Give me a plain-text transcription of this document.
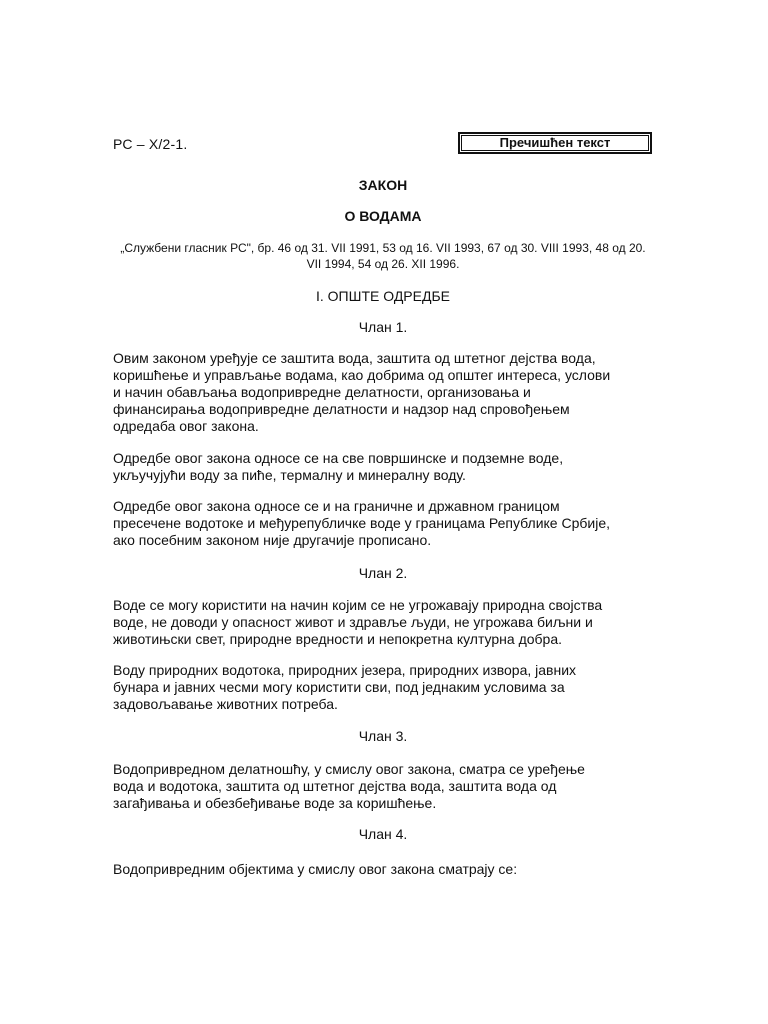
РС – X/2-1.	Пречишћен текст
ЗАКОН
О ВОДАМА
„Службени гласник РС", бр. 46 од 31. VII 1991, 53 од 16. VII 1993, 67 од 30. VIII 1993, 48 од 20. VII 1994, 54 од 26. XII 1996.
I. ОПШТЕ ОДРЕДБЕ
Члан 1.
Овим законом уређује се заштита вода, заштита од штетног дејства вода,
коришћење и управљање водама, као добрима од општег интереса, услови
и начин обављања водопривредне делатности, организовања и
финансирања водопривредне делатности и надзор над спровођењем
одредаба овог закона.
Одредбе овог закона односе се на све површинске и подземне воде,
укључујући воду за пиће, термалну и минералну воду.
Одредбе овог закона односе се и на граничне и државном границом
пресечене водотоке и међурепубличке воде у границама Републике Србије,
ако посебним законом није другачије прописано.
Члан 2.
Воде се могу користити на начин којим се не угрожавају природна својства
воде, не доводи у опасност живот и здравље људи, не угрожава биљни и
животињски свет, природне вредности и непокретна културна добра.
Воду природних водотока, природних језера, природних извора, јавних
бунара и јавних чесми могу користити сви, под једнаким условима за
задовољавање животних потреба.
Члан 3.
Водопривредном делатношћу, у смислу овог закона, сматра се уређење
вода и водотока, заштита од штетног дејства вода, заштита вода од
загађивања и обезбеђивање воде за коришћење.
Члан 4.
Водопривредним објектима у смислу овог закона сматрају се:
